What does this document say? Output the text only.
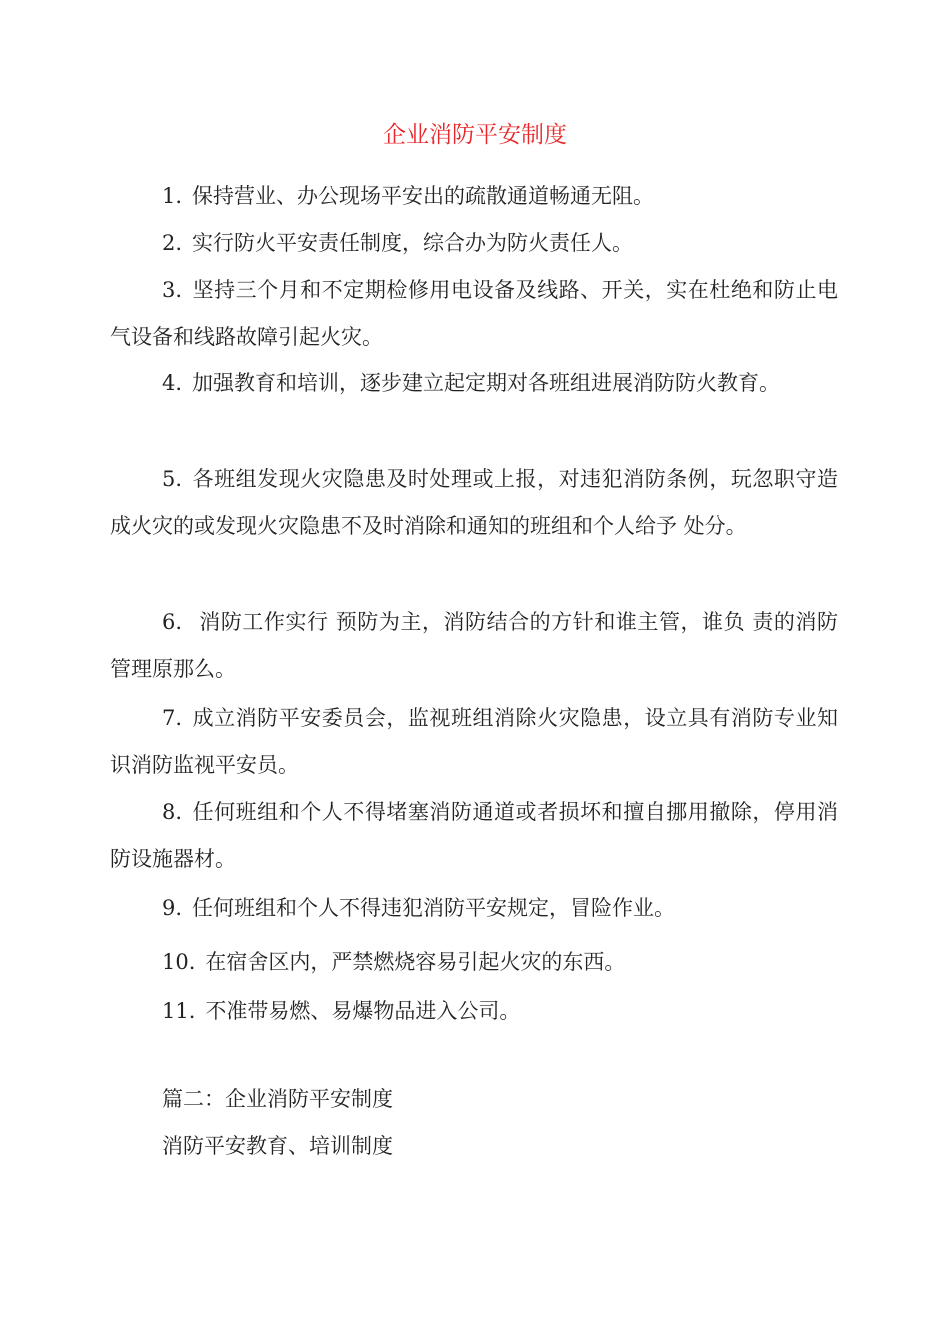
企业消防平安制度
1. 保持营业、办公现场平安出的疏散通道畅通无阻。
2. 实行防火平安责任制度，综合办为防火责任人。
3. 坚持三个月和不定期检修用电设备及线路、开关，实在杜绝和防止电气设备和线路故障引起火灾。
4. 加强教育和培训，逐步建立起定期对各班组进展消防防火教育。
5. 各班组发现火灾隐患及时处理或上报，对违犯消防条例，玩忽职守造成火灾的或发现火灾隐患不及时消除和通知的班组和个人给予 处分。
6. 消防工作实行 预防为主，消防结合的方针和谁主管，谁负 责的消防管理原那么。
7. 成立消防平安委员会，监视班组消除火灾隐患，设立具有消防专业知识消防监视平安员。
8. 任何班组和个人不得堵塞消防通道或者损坏和擅自挪用撤除，停用消防设施器材。
9. 任何班组和个人不得违犯消防平安规定，冒险作业。
10. 在宿舍区内，严禁燃烧容易引起火灾的东西。
11. 不准带易燃、易爆物品进入公司。
篇二：企业消防平安制度
消防平安教育、培训制度
